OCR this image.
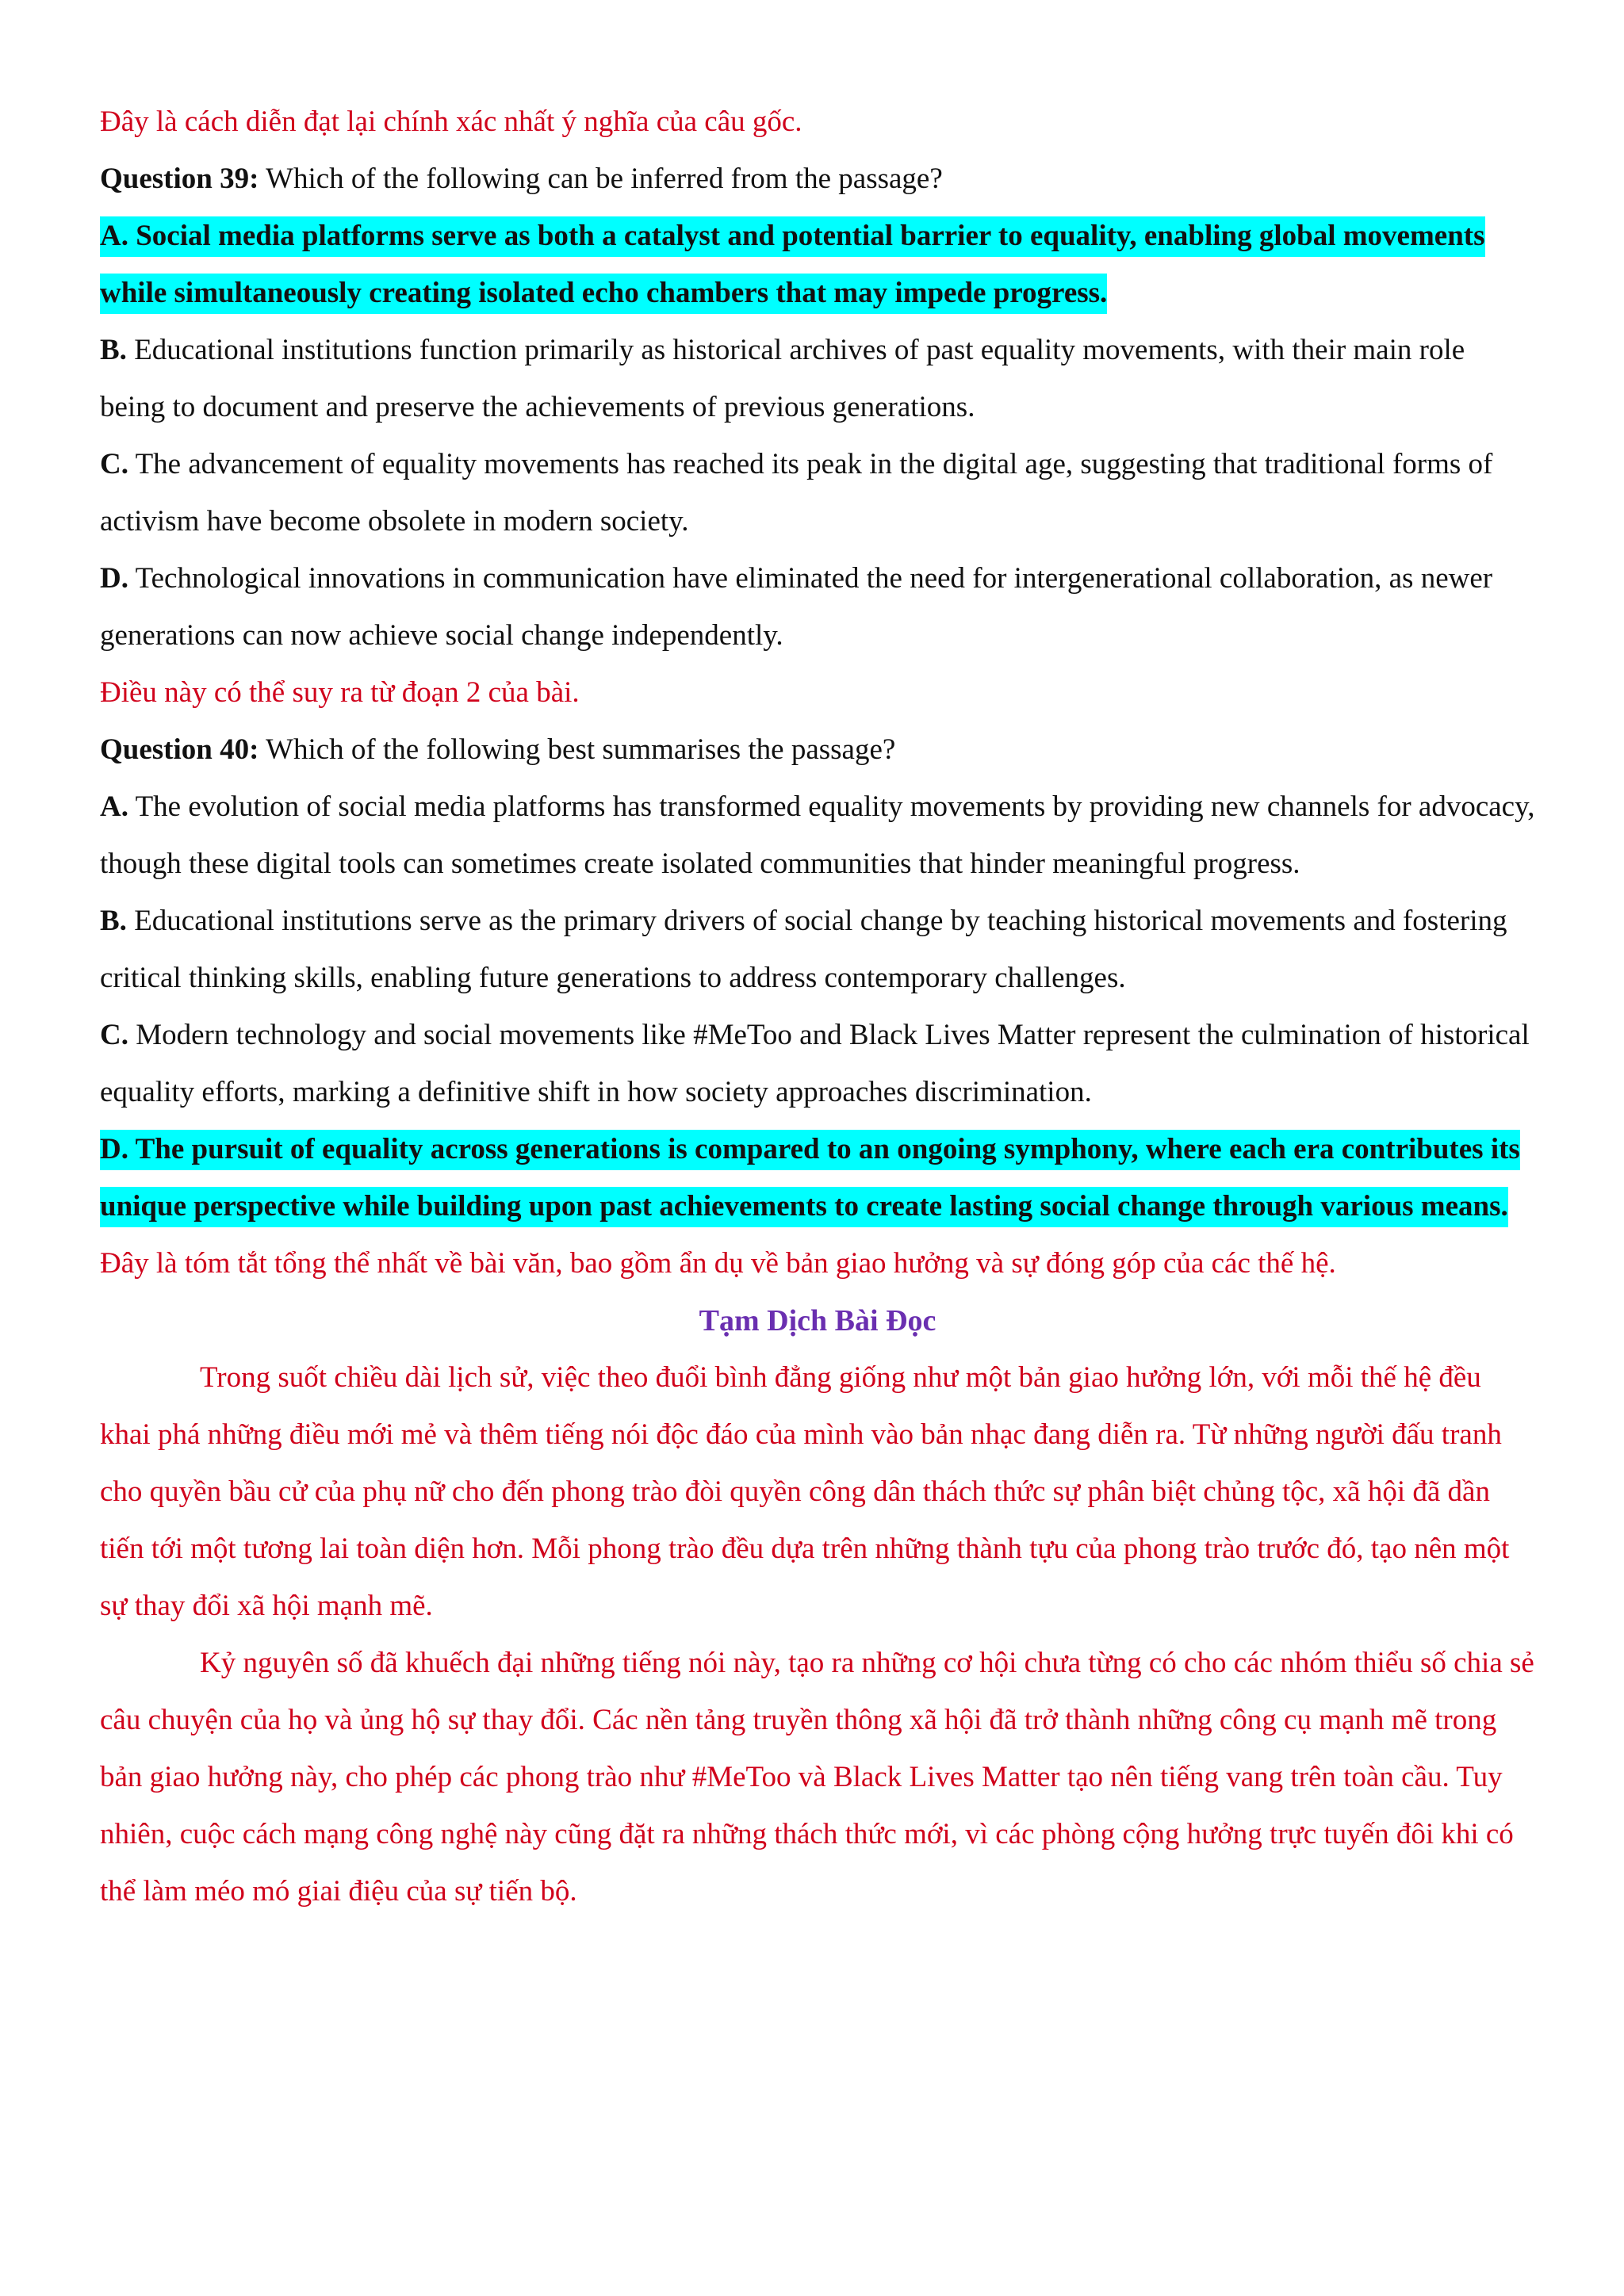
Đây là cách diễn đạt lại chính xác nhất ý nghĩa của câu gốc.

Question 39: Which of the following can be inferred from the passage?

A. Social media platforms serve as both a catalyst and potential barrier to equality, enabling global movements while simultaneously creating isolated echo chambers that may impede progress.

B. Educational institutions function primarily as historical archives of past equality movements, with their main role being to document and preserve the achievements of previous generations.

C. The advancement of equality movements has reached its peak in the digital age, suggesting that traditional forms of activism have become obsolete in modern society.

D. Technological innovations in communication have eliminated the need for intergenerational collaboration, as newer generations can now achieve social change independently.

Điều này có thể suy ra từ đoạn 2 của bài.

Question 40: Which of the following best summarises the passage?

A. The evolution of social media platforms has transformed equality movements by providing new channels for advocacy, though these digital tools can sometimes create isolated communities that hinder meaningful progress.

B. Educational institutions serve as the primary drivers of social change by teaching historical movements and fostering critical thinking skills, enabling future generations to address contemporary challenges.

C. Modern technology and social movements like #MeToo and Black Lives Matter represent the culmination of historical equality efforts, marking a definitive shift in how society approaches discrimination.

D. The pursuit of equality across generations is compared to an ongoing symphony, where each era contributes its unique perspective while building upon past achievements to create lasting social change through various means.

Đây là tóm tắt tổng thể nhất về bài văn, bao gồm ẩn dụ về bản giao hưởng và sự đóng góp của các thế hệ.

Tạm Dịch Bài Đọc

Trong suốt chiều dài lịch sử, việc theo đuổi bình đẳng giống như một bản giao hưởng lớn, với mỗi thế hệ đều khai phá những điều mới mẻ và thêm tiếng nói độc đáo của mình vào bản nhạc đang diễn ra. Từ những người đấu tranh cho quyền bầu cử của phụ nữ cho đến phong trào đòi quyền công dân thách thức sự phân biệt chủng tộc, xã hội đã dần tiến tới một tương lai toàn diện hơn. Mỗi phong trào đều dựa trên những thành tựu của phong trào trước đó, tạo nên một sự thay đổi xã hội mạnh mẽ.

Kỷ nguyên số đã khuếch đại những tiếng nói này, tạo ra những cơ hội chưa từng có cho các nhóm thiểu số chia sẻ câu chuyện của họ và ủng hộ sự thay đổi. Các nền tảng truyền thông xã hội đã trở thành những công cụ mạnh mẽ trong bản giao hưởng này, cho phép các phong trào như #MeToo và Black Lives Matter tạo nên tiếng vang trên toàn cầu. Tuy nhiên, cuộc cách mạng công nghệ này cũng đặt ra những thách thức mới, vì các phòng cộng hưởng trực tuyến đôi khi có thể làm méo mó giai điệu của sự tiến bộ.
